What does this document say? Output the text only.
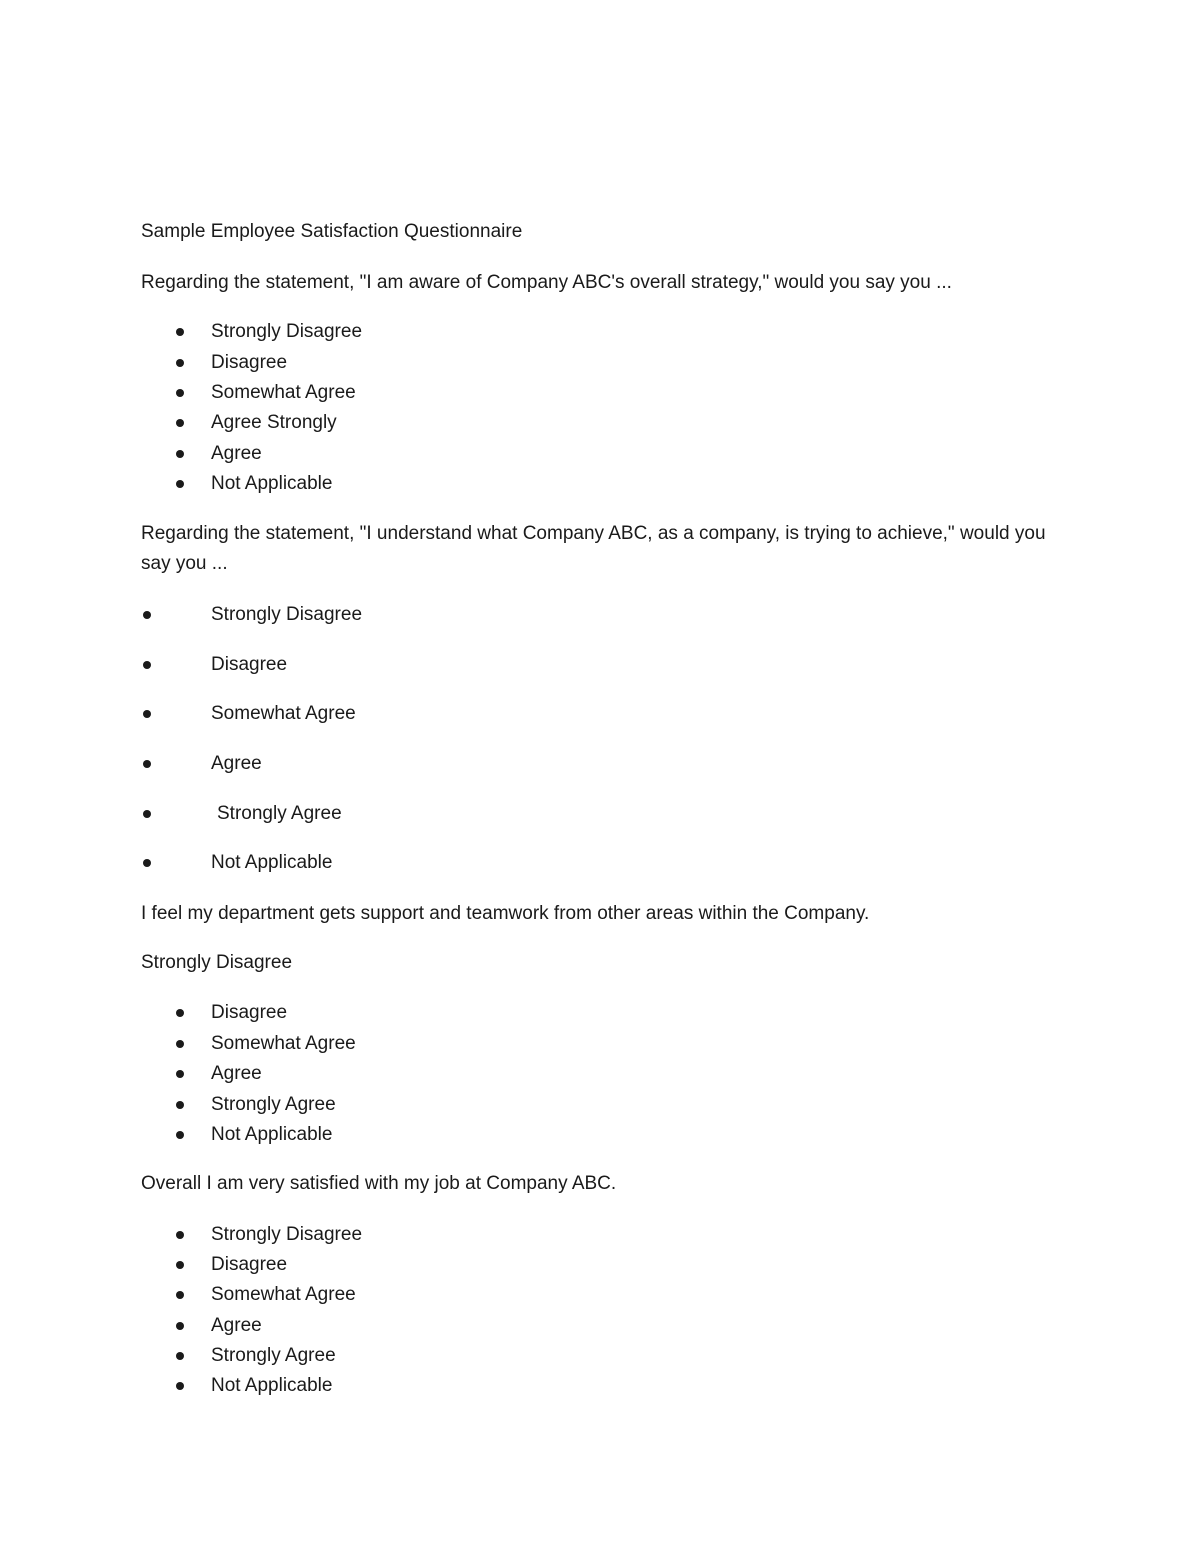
Sample Employee Satisfaction Questionnaire
Regarding the statement, "I am aware of Company ABC's overall strategy," would you say you ...
Strongly Disagree
Disagree
Somewhat Agree
Agree Strongly
Agree
Not Applicable
Regarding the statement, "I understand what Company ABC, as a company, is trying to achieve," would you say you ...
Strongly Disagree
Disagree
Somewhat Agree
Agree
Strongly Agree
Not Applicable
I feel my department gets support and teamwork from other areas within the Company.
Strongly Disagree
Disagree
Somewhat Agree
Agree
Strongly Agree
Not Applicable
Overall I am very satisfied with my job at Company ABC.
Strongly Disagree
Disagree
Somewhat Agree
Agree
Strongly Agree
Not Applicable
